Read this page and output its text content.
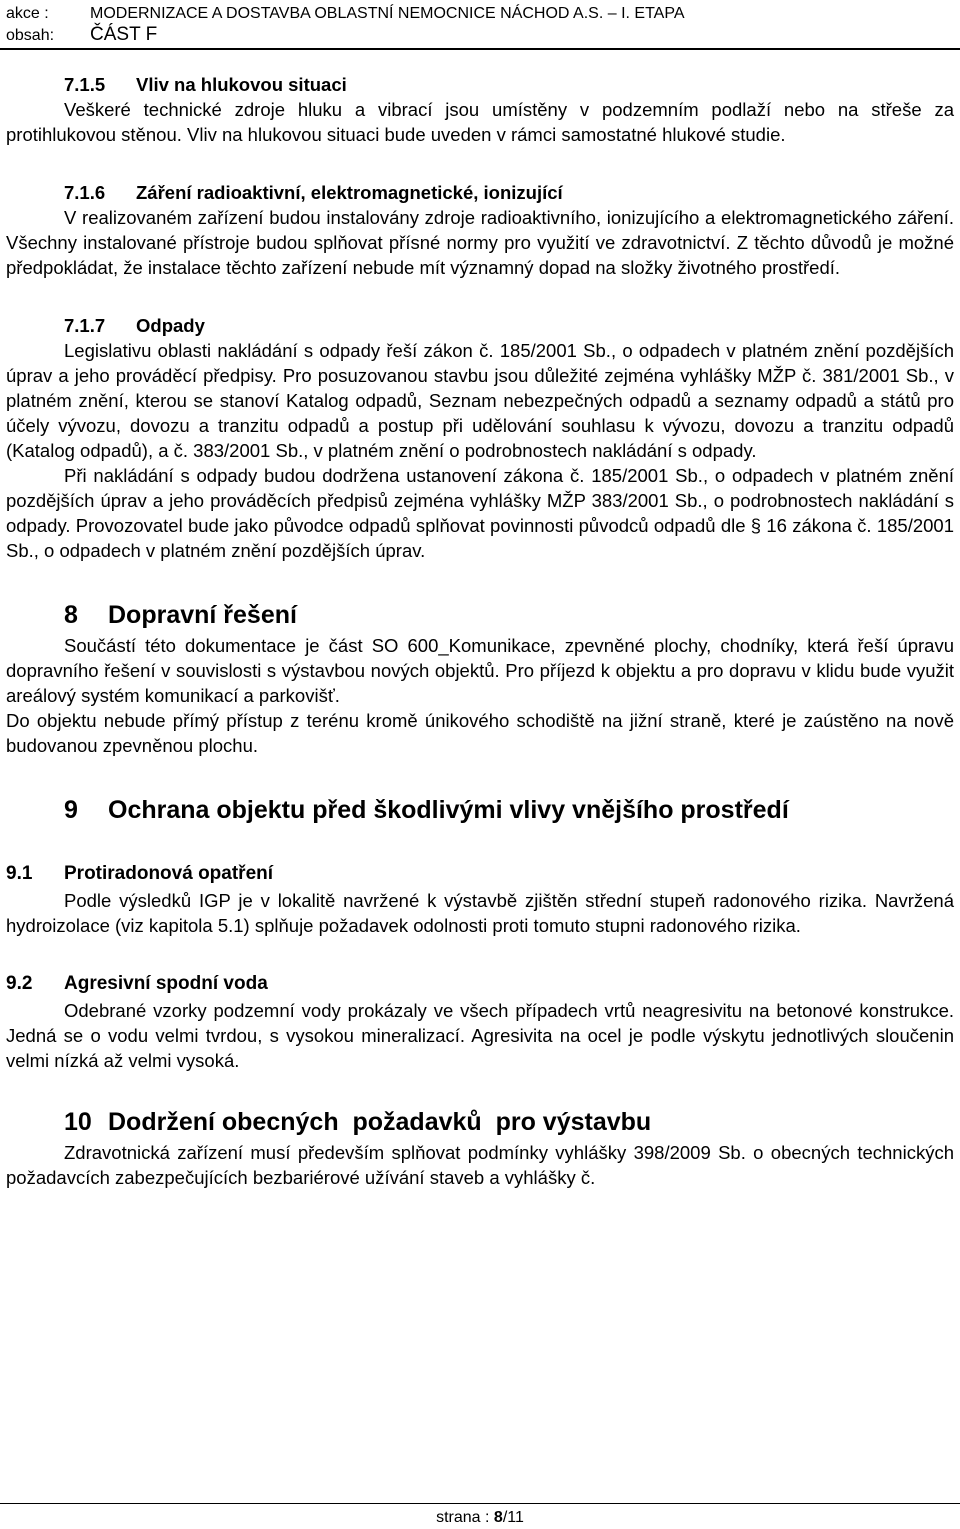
akce :	MODERNIZACE A DOSTAVBA OBLASTNÍ NEMOCNICE NÁCHOD A.S. – I. ETAPA
obsah: ČÁST F
7.1.5 Vliv na hlukovou situaci

Veškeré technické zdroje hluku a vibrací jsou umístěny v podzemním podlaží nebo na střeše za protihlukovou stěnou. Vliv na hlukovou situaci bude uveden v rámci samostatné hlukové studie.

7.1.6 Záření radioaktivní, elektromagnetické, ionizující

V realizovaném zařízení budou instalovány zdroje radioaktivního, ionizujícího a elektromagnetického záření. Všechny instalované přístroje budou splňovat přísné normy pro využití ve zdravotnictví. Z těchto důvodů je možné předpokládat, že instalace těchto zařízení nebude mít významný dopad na složky životného prostředí.

7.1.7 Odpady

Legislativu oblasti nakládání s odpady řeší zákon č. 185/2001 Sb., o odpadech v platném znění pozdějších úprav a jeho prováděcí předpisy. Pro posuzovanou stavbu jsou důležité zejména vyhlášky MŽP č. 381/2001 Sb., v platném znění, kterou se stanoví Katalog odpadů, Seznam nebezpečných odpadů a seznamy odpadů a států pro účely vývozu, dovozu a tranzitu odpadů a postup při udělování souhlasu k vývozu, dovozu a tranzitu odpadů (Katalog odpadů), a č. 383/2001 Sb., v platném znění o podrobnostech nakládání s odpady.

Při nakládání s odpady budou dodržena ustanovení zákona č. 185/2001 Sb., o odpadech v platném znění pozdějších úprav a jeho prováděcích předpisů zejména vyhlášky MŽP 383/2001 Sb., o podrobnostech nakládání s odpady. Provozovatel bude jako původce odpadů splňovat povinnosti původců odpadů dle § 16 zákona č. 185/2001 Sb., o odpadech v platném znění pozdějších úprav.

8 Dopravní řešení

Součástí této dokumentace je část SO 600_Komunikace, zpevněné plochy, chodníky, která řeší úpravu dopravního řešení v souvislosti s výstavbou nových objektů. Pro příjezd k objektu a pro dopravu v klidu bude využit areálový systém komunikací a parkovišť.

Do objektu nebude přímý přístup z terénu kromě únikového schodiště na jižní straně, které je zaústěno na nově budovanou zpevněnou plochu.

9 Ochrana objektu před škodlivými vlivy vnějšího prostředí
9.1 Protiradonová opatření

Podle výsledků IGP je v lokalitě navržené k výstavbě zjištěn střední stupeň radonového rizika. Navržená hydroizolace (viz kapitola 5.1) splňuje požadavek odolnosti proti tomuto stupni radonového rizika.

9.2 Agresivní spodní voda

Odebrané vzorky podzemní vody prokázaly ve všech případech vrtů neagresivitu na betonové konstrukce. Jedná se o vodu velmi tvrdou, s vysokou mineralizací. Agresivita na ocel je podle výskytu jednotlivých sloučenin velmi nízká až velmi vysoká.

10 Dodržení obecných  požadavků  pro výstavbu

Zdravotnická zařízení musí především splňovat podmínky vyhlášky 398/2009 Sb. o obecných technických požadavcích zabezpečujících bezbariérové užívání staveb a vyhlášky č.

strana : 8/11
